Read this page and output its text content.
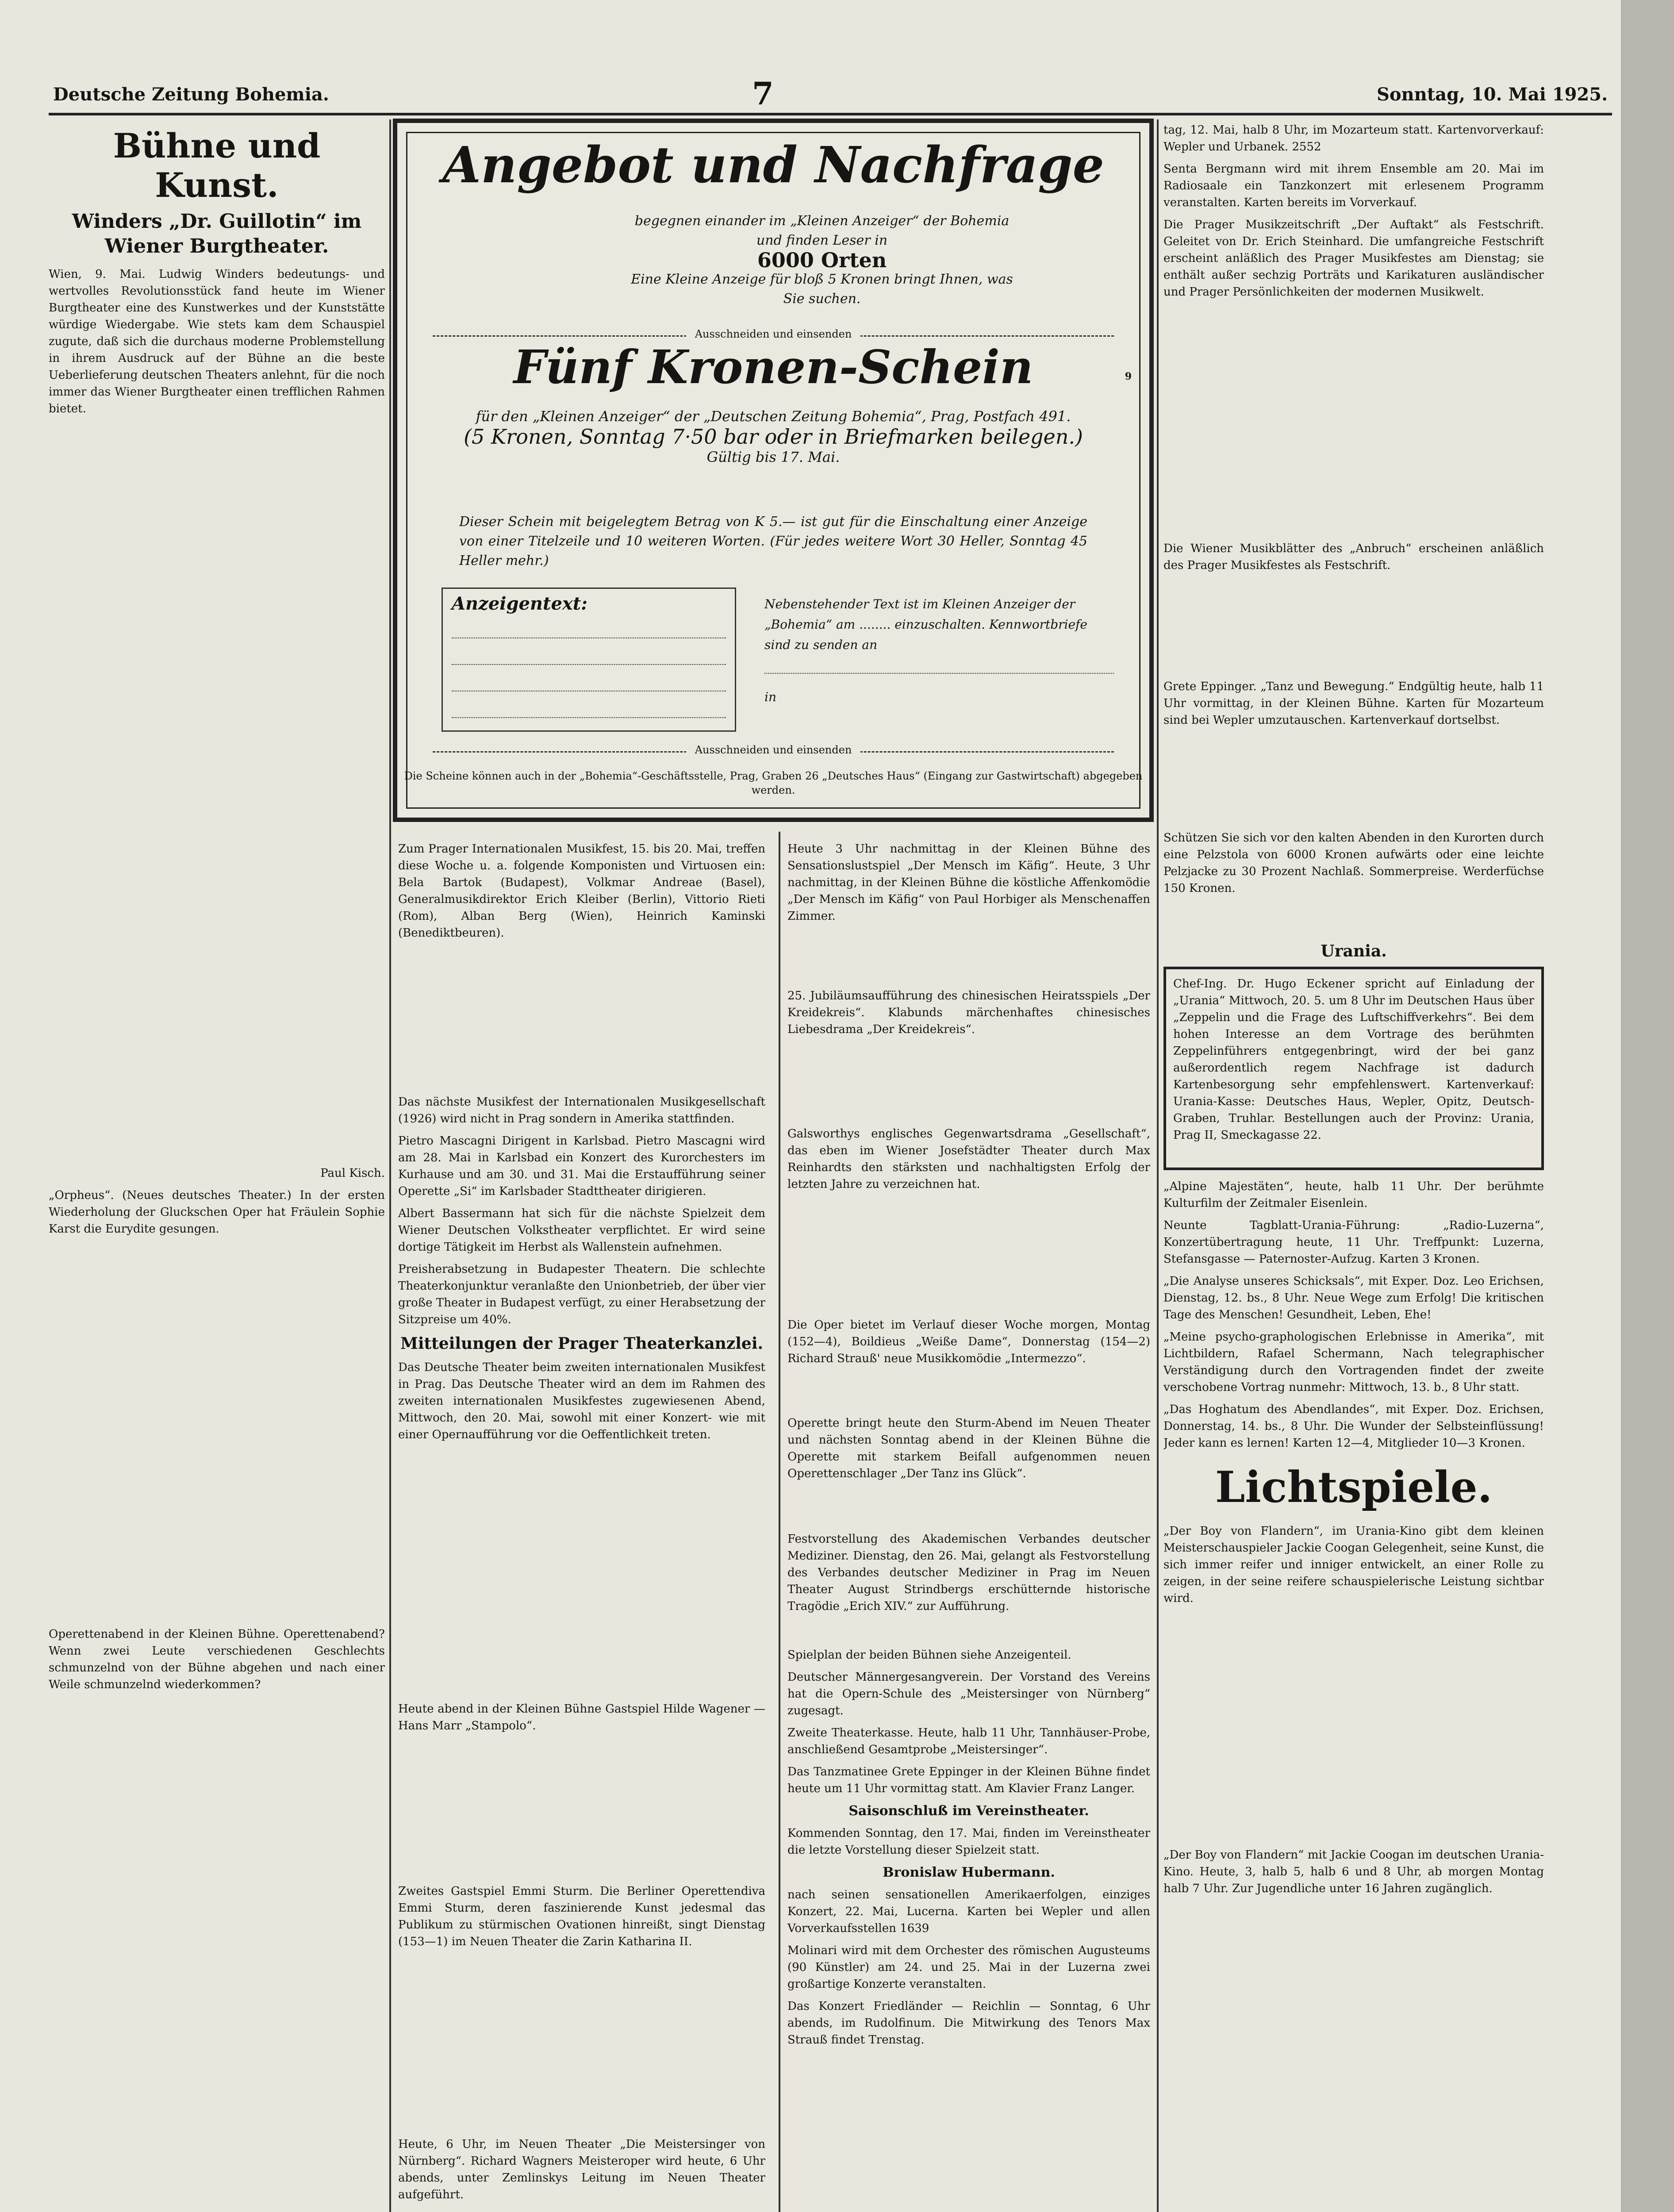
Deutsche Zeitung Bohemia.	7	Sonntag, 10. Mai 1925.
Bühne und Kunst.
Winders „Dr. Guillotin“ im Wiener Burgtheater.

Wien, 9. Mai. Ludwig Winders bedeutungs- und wertvolles Revolutionsstück fand heute im Wiener Burgtheater eine des Kunstwerkes und der Kunststätte würdige Wiedergabe. Wie stets kam dem Schauspiel zugute, daß sich die durchaus moderne Problemstellung in ihrem Ausdruck auf der Bühne an die beste Ueberlieferung deutschen Theaters anlehnt, für die noch immer das Wiener Burgtheater einen trefflichen Rahmen bietet.

Paul Kisch.

„Orpheus“. (Neues deutsches Theater.) In der ersten Wiederholung der Gluckschen Oper hat Fräulein Sophie Karst die Eurydite gesungen.

Operettenabend in der Kleinen Bühne. Operettenabend? Wenn zwei Leute verschiedenen Geschlechts schmunzelnd von der Bühne abgehen und nach einer Weile schmunzelnd wiederkommen?

Angebot und Nachfrage
begegnen einander im „Kleinen Anzeiger“ der Bohemia und finden Leser in
6000 Orten
Eine Kleine Anzeige für bloß 5 Kronen bringt Ihnen, was Sie suchen.
Ausschneiden und einsenden
9
Fünf Kronen-Schein
für den „Kleinen Anzeiger“ der „Deutschen Zeitung Bohemia“, Prag, Postfach 491.
(5 Kronen, Sonntag 7·50 bar oder in Briefmarken beilegen.)
Gültig bis 17. Mai.
Dieser Schein mit beigelegtem Betrag von K 5.— ist gut für die Einschaltung einer Anzeige von einer Titelzeile und 10 weiteren Worten. (Für jedes weitere Wort 30 Heller, Sonntag 45 Heller mehr.)
Anzeigentext:	Nebenstehender Text ist im Kleinen Anzeiger der „Bohemia“ am ........ einzuschalten. Kennwortbriefe sind zu senden an
in
Ausschneiden und einsenden
Die Scheine können auch in der „Bohemia“-Geschäftsstelle, Prag, Graben 26 „Deutsches Haus“ (Eingang zur Gastwirtschaft) abgegeben werden.

Zum Prager Internationalen Musikfest, 15. bis 20. Mai, treffen diese Woche u. a. folgende Komponisten und Virtuosen ein: Bela Bartok (Budapest), Volkmar Andreae (Basel), Generalmusikdirektor Erich Kleiber (Berlin), Vittorio Rieti (Rom), Alban Berg (Wien), Heinrich Kaminski (Benediktbeuren).

Das nächste Musikfest der Internationalen Musikgesellschaft (1926) wird nicht in Prag sondern in Amerika stattfinden.

Pietro Mascagni Dirigent in Karlsbad. Pietro Mascagni wird am 28. Mai in Karlsbad ein Konzert des Kurorchesters im Kurhause und am 30. und 31. Mai die Erstaufführung seiner Operette „Si“ im Karlsbader Stadttheater dirigieren.

Albert Bassermann hat sich für die nächste Spielzeit dem Wiener Deutschen Volkstheater verpflichtet. Er wird seine dortige Tätigkeit im Herbst als Wallenstein aufnehmen.

Preisherabsetzung in Budapester Theatern. Die schlechte Theaterkonjunktur veranlaßte den Unionbetrieb, der über vier große Theater in Budapest verfügt, zu einer Herabsetzung der Sitzpreise um 40%.

Mitteilungen der Prager Theaterkanzlei.

Das Deutsche Theater beim zweiten internationalen Musikfest in Prag. Das Deutsche Theater wird an dem im Rahmen des zweiten internationalen Musikfestes zugewiesenen Abend, Mittwoch, den 20. Mai, sowohl mit einer Konzert- wie mit einer Opernaufführung vor die Oeffentlichkeit treten.

Heute abend in der Kleinen Bühne Gastspiel Hilde Wagener — Hans Marr „Stampolo“.

Zweites Gastspiel Emmi Sturm. Die Berliner Operettendiva Emmi Sturm, deren faszinierende Kunst jedesmal das Publikum zu stürmischen Ovationen hinreißt, singt Dienstag (153—1) im Neuen Theater die Zarin Katharina II.

Heute, 6 Uhr, im Neuen Theater „Die Meistersinger von Nürnberg“. Richard Wagners Meisteroper wird heute, 6 Uhr abends, unter Zemlinskys Leitung im Neuen Theater aufgeführt.

Heute 3 Uhr nachmittag in der Kleinen Bühne des Sensationslustspiel „Der Mensch im Käfig“. Heute, 3 Uhr nachmittag, in der Kleinen Bühne die köstliche Affenkomödie „Der Mensch im Käfig“ von Paul Horbiger als Menschenaffen Zimmer.

25. Jubiläumsaufführung des chinesischen Heiratsspiels „Der Kreidekreis“. Klabunds märchenhaftes chinesisches Liebesdrama „Der Kreidekreis“.

Galsworthys englisches Gegenwartsdrama „Gesellschaft“, das eben im Wiener Josefstädter Theater durch Max Reinhardts den stärksten und nachhaltigsten Erfolg der letzten Jahre zu verzeichnen hat.

Die Oper bietet im Verlauf dieser Woche morgen, Montag (152—4), Boildieus „Weiße Dame“, Donnerstag (154—2) Richard Strauß' neue Musikkomödie „Intermezzo“.

Operette bringt heute den Sturm-Abend im Neuen Theater und nächsten Sonntag abend in der Kleinen Bühne die Operette mit starkem Beifall aufgenommen neuen Operettenschlager „Der Tanz ins Glück“.

Festvorstellung des Akademischen Verbandes deutscher Mediziner. Dienstag, den 26. Mai, gelangt als Festvorstellung des Verbandes deutscher Mediziner in Prag im Neuen Theater August Strindbergs erschütternde historische Tragödie „Erich XIV.“ zur Aufführung.

Spielplan der beiden Bühnen siehe Anzeigenteil.

Deutscher Männergesangverein. Der Vorstand des Vereins hat die Opern-Schule des „Meistersinger von Nürnberg“ zugesagt.

Zweite Theaterkasse. Heute, halb 11 Uhr, Tannhäuser-Probe, anschließend Gesamtprobe „Meistersinger“.

Das Tanzmatinee Grete Eppinger in der Kleinen Bühne findet heute um 11 Uhr vormittag statt. Am Klavier Franz Langer.

Saisonschluß im Vereinstheater.

Kommenden Sonntag, den 17. Mai, finden im Vereinstheater die letzte Vorstellung dieser Spielzeit statt.

Bronislaw Hubermann.

nach seinen sensationellen Amerikaerfolgen, einziges Konzert, 22. Mai, Lucerna. Karten bei Wepler und allen Vorverkaufsstellen 1639

Molinari wird mit dem Orchester des römischen Augusteums (90 Künstler) am 24. und 25. Mai in der Luzerna zwei großartige Konzerte veranstalten.

Das Konzert Friedländer — Reichlin — Sonntag, 6 Uhr abends, im Rudolfinum. Die Mitwirkung des Tenors Max Strauß findet Trenstag.

tag, 12. Mai, halb 8 Uhr, im Mozarteum statt. Kartenvorverkauf: Wepler und Urbanek. 2552

Senta Bergmann wird mit ihrem Ensemble am 20. Mai im Radiosaale ein Tanzkonzert mit erlesenem Programm veranstalten. Karten bereits im Vorverkauf.

Die Prager Musikzeitschrift „Der Auftakt“ als Festschrift. Geleitet von Dr. Erich Steinhard. Die umfangreiche Festschrift erscheint anläßlich des Prager Musikfestes am Dienstag; sie enthält außer sechzig Porträts und Karikaturen ausländischer und Prager Persönlichkeiten der modernen Musikwelt.

Die Wiener Musikblätter des „Anbruch“ erscheinen anläßlich des Prager Musikfestes als Festschrift.

Grete Eppinger. „Tanz und Bewegung.“ Endgültig heute, halb 11 Uhr vormittag, in der Kleinen Bühne. Karten für Mozarteum sind bei Wepler umzutauschen. Kartenverkauf dortselbst.

Schützen Sie sich vor den kalten Abenden in den Kurorten durch eine Pelzstola von 6000 Kronen aufwärts oder eine leichte Pelzjacke zu 30 Prozent Nachlaß. Sommerpreise. Werderfüchse 150 Kronen.

Urania.

Chef-Ing. Dr. Hugo Eckener spricht auf Einladung der „Urania“ Mittwoch, 20. 5. um 8 Uhr im Deutschen Haus über „Zeppelin und die Frage des Luftschiffverkehrs“. Bei dem hohen Interesse an dem Vortrage des berühmten Zeppelinführers entgegenbringt, wird der bei ganz außerordentlich regem Nachfrage ist dadurch Kartenbesorgung sehr empfehlenswert. Kartenverkauf: Urania-Kasse: Deutsches Haus, Wepler, Opitz, Deutsch-Graben, Truhlar. Bestellungen auch der Provinz: Urania, Prag II, Smeckagasse 22.

„Alpine Majestäten“, heute, halb 11 Uhr. Der berühmte Kulturfilm der Zeitmaler Eisenlein.

Neunte Tagblatt-Urania-Führung: „Radio-Luzerna“, Konzertübertragung heute, 11 Uhr. Treffpunkt: Luzerna, Stefansgasse — Paternoster-Aufzug. Karten 3 Kronen.

„Die Analyse unseres Schicksals“, mit Exper. Doz. Leo Erichsen, Dienstag, 12. bs., 8 Uhr. Neue Wege zum Erfolg! Die kritischen Tage des Menschen! Gesundheit, Leben, Ehe!

„Meine psycho-graphologischen Erlebnisse in Amerika“, mit Lichtbildern, Rafael Schermann, Nach telegraphischer Verständigung durch den Vortragenden findet der zweite verschobene Vortrag nunmehr: Mittwoch, 13. b., 8 Uhr statt.

„Das Hoghatum des Abendlandes“, mit Exper. Doz. Erichsen, Donnerstag, 14. bs., 8 Uhr. Die Wunder der Selbsteinflüssung! Jeder kann es lernen! Karten 12—4, Mitglieder 10—3 Kronen.

Lichtspiele.

„Der Boy von Flandern“, im Urania-Kino gibt dem kleinen Meisterschauspieler Jackie Coogan Gelegenheit, seine Kunst, die sich immer reifer und inniger entwickelt, an einer Rolle zu zeigen, in der seine reifere schauspielerische Leistung sichtbar wird.

„Der Boy von Flandern“ mit Jackie Coogan im deutschen Urania-Kino. Heute, 3, halb 5, halb 6 und 8 Uhr, ab morgen Montag halb 7 Uhr. Zur Jugendliche unter 16 Jahren zugänglich.
